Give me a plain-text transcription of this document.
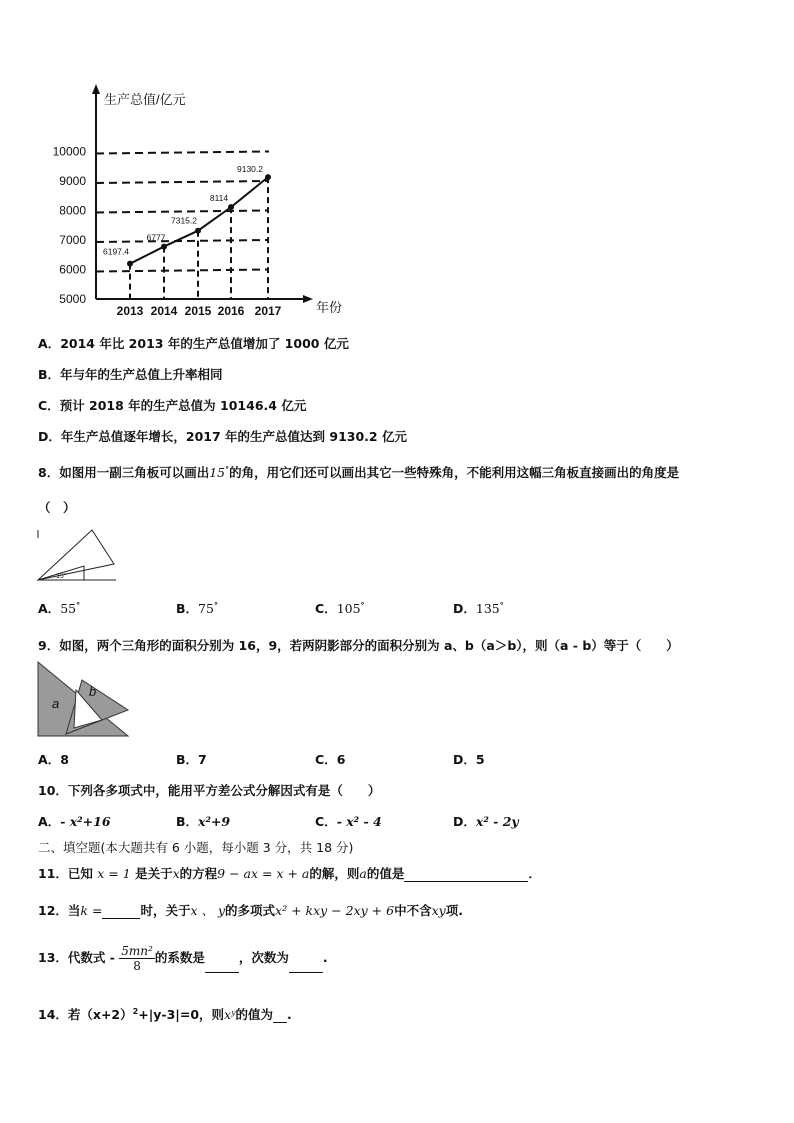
6197.4
6777
7315.2
8114
9130.2
5000
6000
7000
8000
9000
10000
2013 2014 2015 2016 2017
生产总值/亿元
年份
A．2014 年比 2013 年的生产总值增加了 1000 亿元
B．年与年的生产总值上升率相同
C．预计 2018 年的生产总值为 10146.4 亿元
D．年生产总值逐年增长，2017 年的生产总值达到 9130.2 亿元
8．如图用一副三角板可以画出15°的角，用它们还可以画出其它一些特殊角，不能利用这幅三角板直接画出的角度是
（　）
15°
A．55°	B．75°	C．105°	D．135°
9．如图，两个三角形的面积分别为 16，9，若两阴影部分的面积分别为 a、b（a＞b），则（a - b）等于（　　）
a
b
A．8	B．7	C．6	D．5
10．下列各多项式中，能用平方差公式分解因式有是（　　）
A．- x²+16	B．x²+9	C．- x² - 4	D．x² - 2y
二、填空题(本大题共有 6 小题，每小题 3 分，共 18 分)
11．已知 x = 1 是关于x的方程9 − ax = x + a的解，则a的值是	．
12．当k =	时，关于x 、 y的多项式x² + kxy − 2xy + 6中不含xy项.
13．代数式 - $\frac{\text{5mn²}}{8}$ 的系数是	，次数为	.
14．若$(x+2)^2+|y-3|=0$，则xʸ的值为 .
